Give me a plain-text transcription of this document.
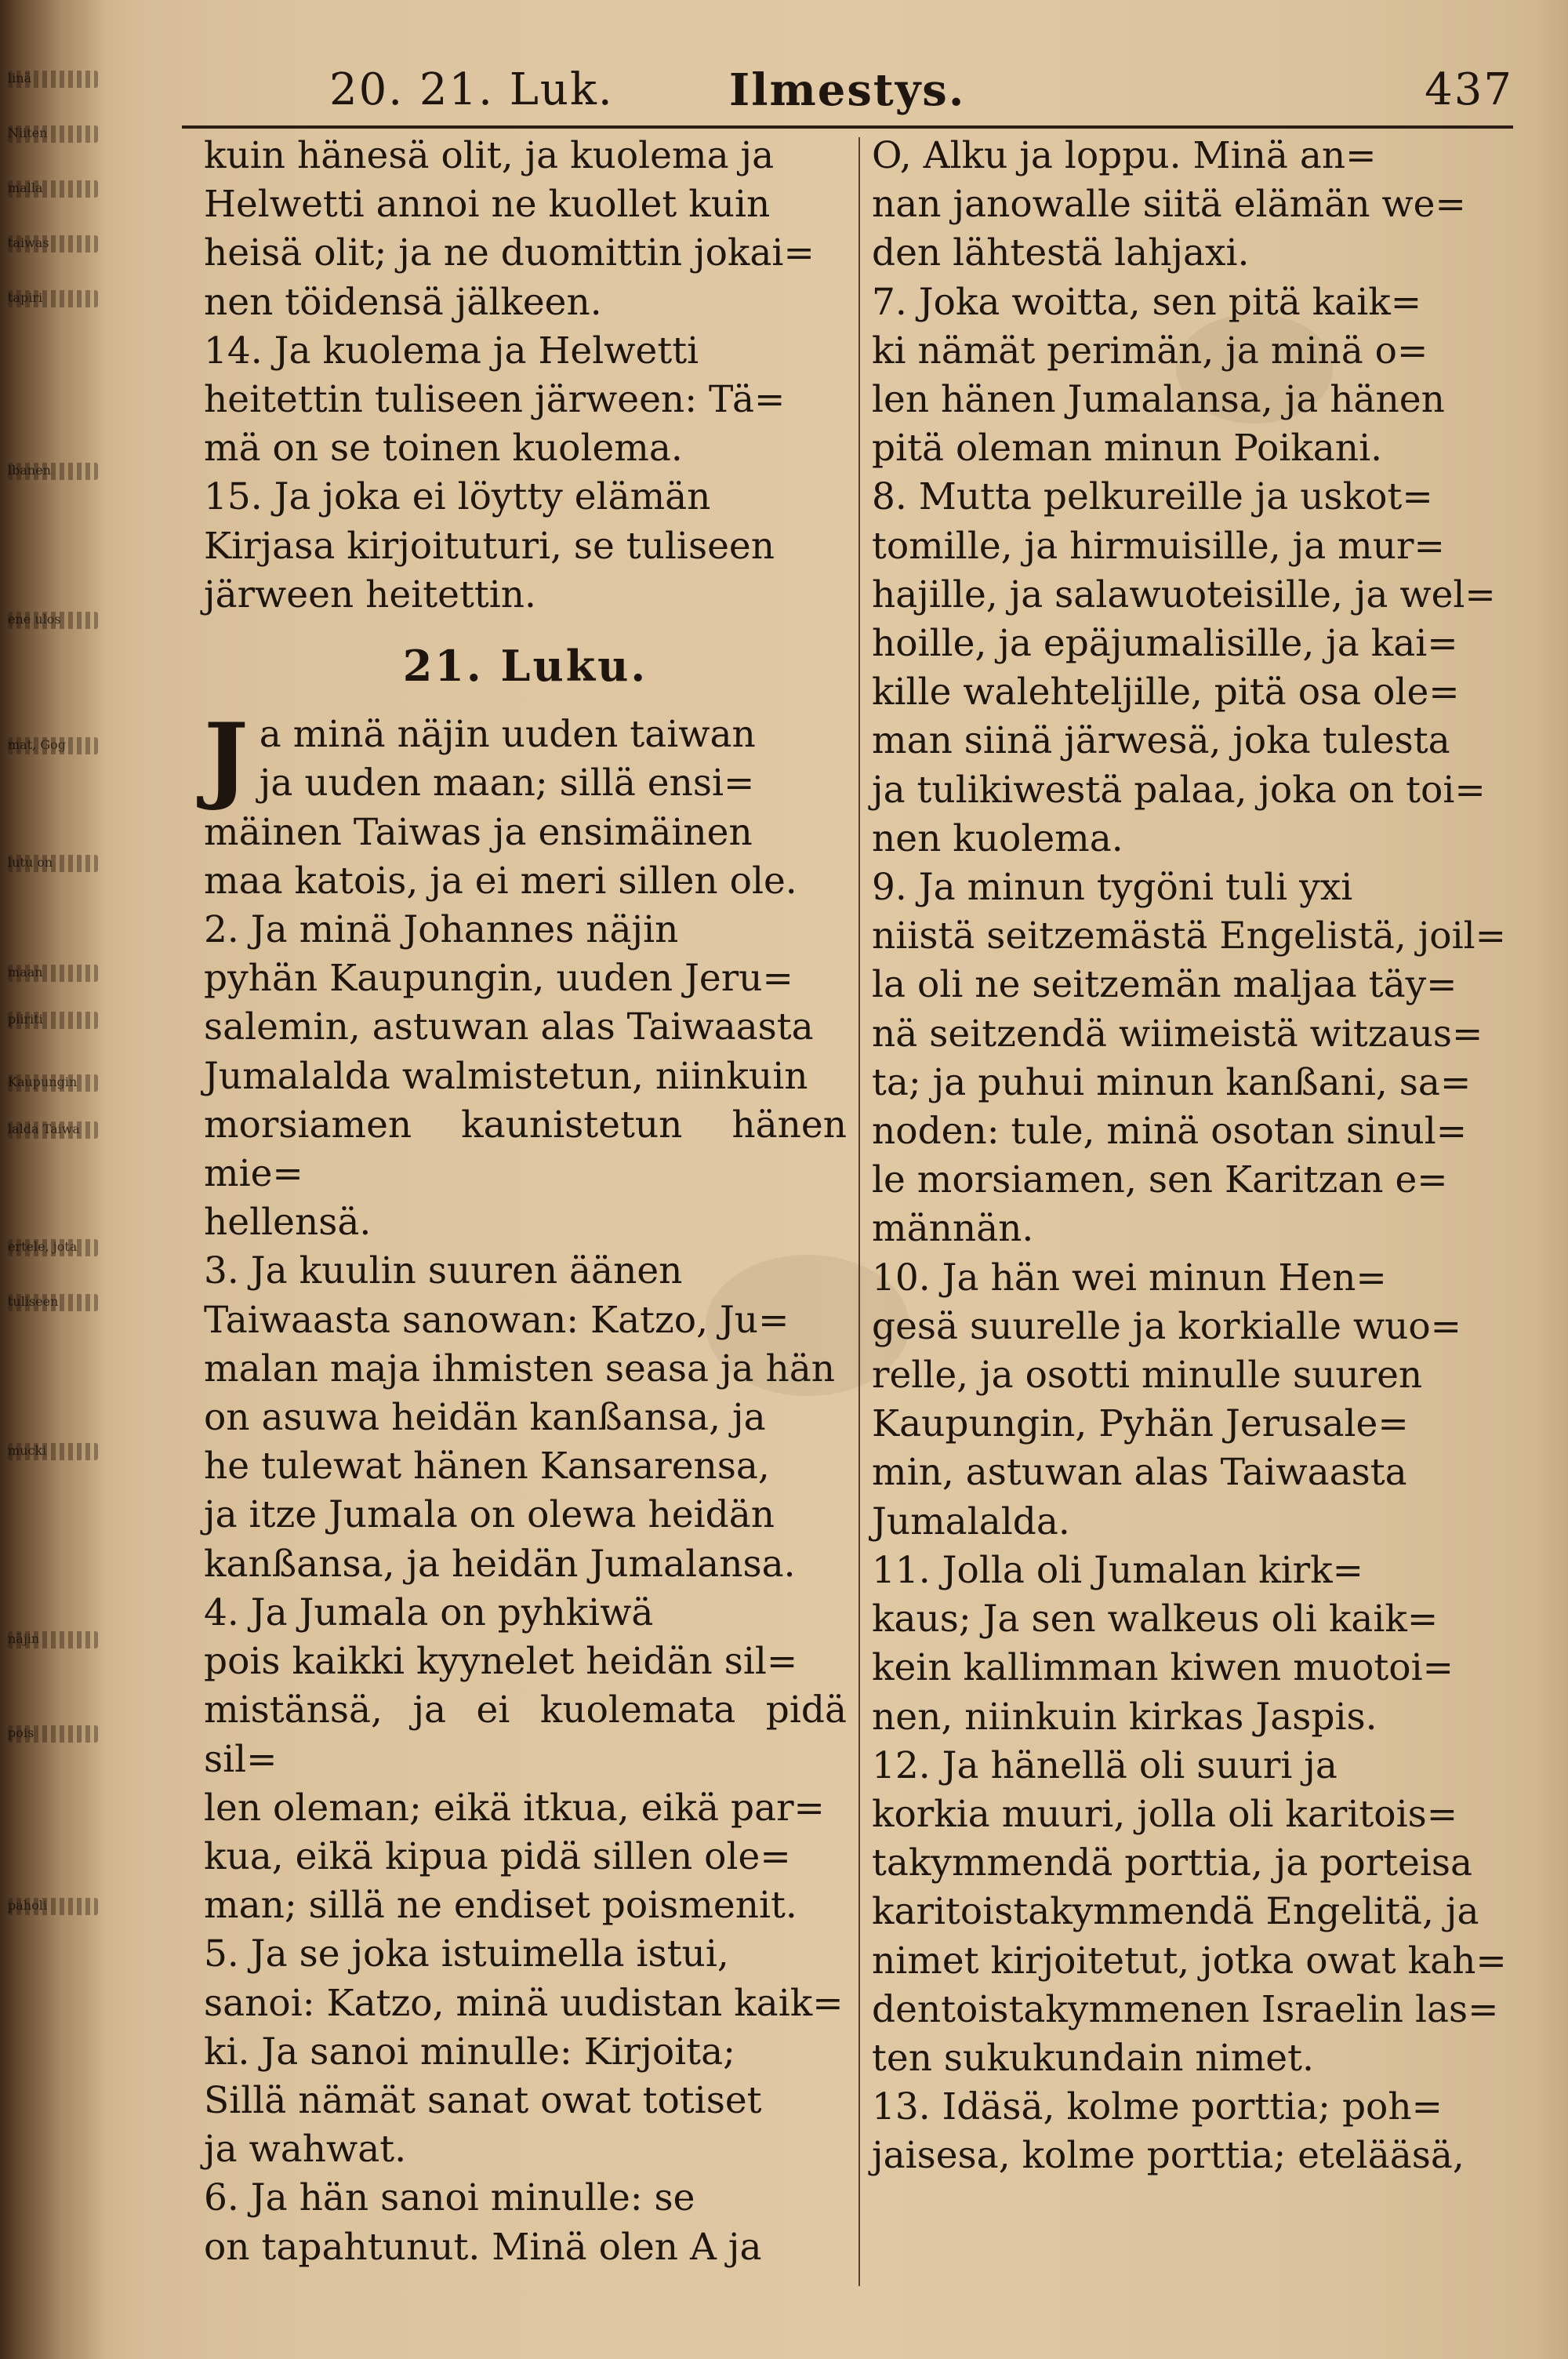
linä
Niiten
malla
taiwas
tapiri
lbanen
ene ulos
mat, Gog
lutu on
maan
piiriti
Kaupungin
lalda Taiwa
ertele, jota
tuliseen
mucki
näjin
pois
paholi
20. 21. Luk.	Ilmestys.	437

kuin hänesä olit, ja kuolema ja
Helwetti annoi ne kuollet kuin
heisä olit; ja ne duomittin jokai=
nen töidensä jälkeen.

14. Ja kuolema ja Helwetti
heitettin tuliseen järween: Tä=
mä on se toinen kuolema.

15. Ja joka ei löytty elämän
Kirjasa kirjoituturi, se tuliseen
järween heitettin.

21. Luku.

Ja minä näjin uuden taiwan
ja uuden maan; sillä ensi=
mäinen Taiwas ja ensimäinen
maa katois, ja ei meri sillen ole.

2. Ja minä Johannes näjin
pyhän Kaupungin, uuden Jeru=
salemin, astuwan alas Taiwaasta
Jumalalda walmistetun, niinkuin
morsiamen kaunistetun hänen mie=
hellensä.

3. Ja kuulin suuren äänen
Taiwaasta sanowan: Katzo, Ju=
malan maja ihmisten seasa ja hän
on asuwa heidän kanßansa, ja
he tulewat hänen Kansarensa,
ja itze Jumala on olewa heidän
kanßansa, ja heidän Jumalansa.

4. Ja Jumala on pyhkiwä
pois kaikki kyynelet heidän sil=
mistänsä, ja ei kuolemata pidä sil=
len oleman; eikä itkua, eikä par=
kua, eikä kipua pidä sillen ole=
man; sillä ne endiset poismenit.

5. Ja se joka istuimella istui,
sanoi: Katzo, minä uudistan kaik=
ki. Ja sanoi minulle: Kirjoita;
Sillä nämät sanat owat totiset
ja wahwat.

6. Ja hän sanoi minulle: se
on tapahtunut. Minä olen A ja

O, Alku ja loppu. Minä an=
nan janowalle siitä elämän we=
den lähtestä lahjaxi.

7. Joka woitta, sen pitä kaik=
ki nämät perimän, ja minä o=
len hänen Jumalansa, ja hänen
pitä oleman minun Poikani.

8. Mutta pelkureille ja uskot=
tomille, ja hirmuisille, ja mur=
hajille, ja salawuoteisille, ja wel=
hoille, ja epäjumalisille, ja kai=
kille walehteljille, pitä osa ole=
man siinä järwesä, joka tulesta
ja tulikiwestä palaa, joka on toi=
nen kuolema.

9. Ja minun tygöni tuli yxi
niistä seitzemästä Engelistä, joil=
la oli ne seitzemän maljaa täy=
nä seitzendä wiimeistä witzaus=
ta; ja puhui minun kanßani, sa=
noden: tule, minä osotan sinul=
le morsiamen, sen Karitzan e=
männän.

10. Ja hän wei minun Hen=
gesä suurelle ja korkialle wuo=
relle, ja osotti minulle suuren
Kaupungin, Pyhän Jerusale=
min, astuwan alas Taiwaasta
Jumalalda.

11. Jolla oli Jumalan kirk=
kaus; Ja sen walkeus oli kaik=
kein kallimman kiwen muotoi=
nen, niinkuin kirkas Jaspis.

12. Ja hänellä oli suuri ja
korkia muuri, jolla oli karitois=
takymmendä porttia, ja porteisa
karitoistakymmendä Engelitä, ja
nimet kirjoitetut, jotka owat kah=
dentoistakymmenen Israelin las=
ten sukukundain nimet.

13. Idäsä, kolme porttia; poh=
jaisesa, kolme porttia; etelääsä,
